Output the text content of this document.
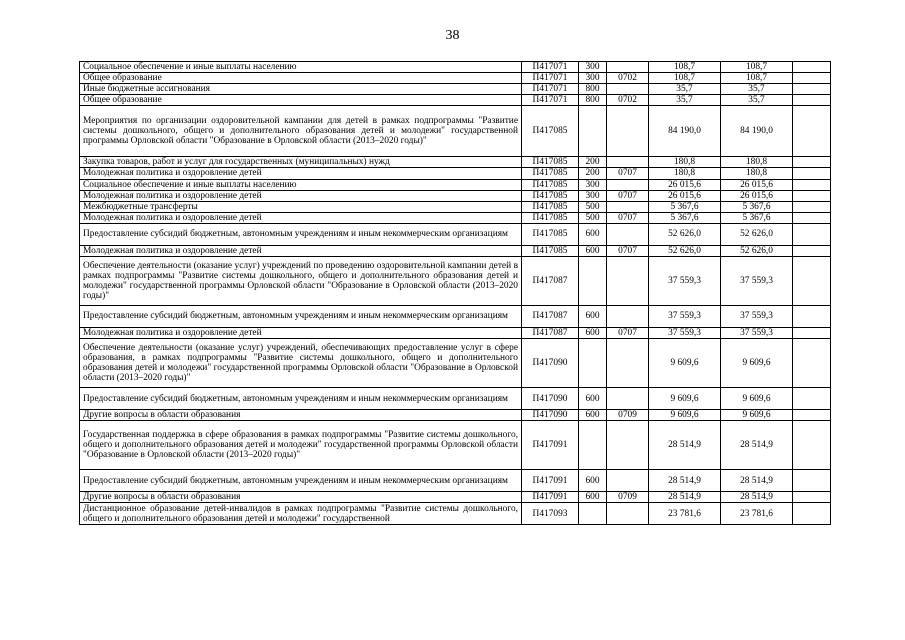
38
Социальное обеспечение и иные выплаты населению	П417071	300		108,7	108,7	
Общее образование	П417071	300	0702	108,7	108,7	
Иные бюджетные ассигнования	П417071	800		35,7	35,7	
Общее образование	П417071	800	0702	35,7	35,7	
Мероприятия по организации оздоровительной кампании для детей в рамках подпрограммы "Развитие системы дошкольного, общего и дополнительного образования детей и молодежи" государственной программы Орловской области "Образование в Орловской области (2013–2020 годы)"	П417085			84 190,0	84 190,0	
Закупка товаров, работ и услуг для государственных (муниципальных) нужд	П417085	200		180,8	180,8	
Молодежная политика и оздоровление детей	П417085	200	0707	180,8	180,8	
Социальное обеспечение и иные выплаты населению	П417085	300		26 015,6	26 015,6	
Молодежная политика и оздоровление детей	П417085	300	0707	26 015,6	26 015,6	
Межбюджетные трансферты	П417085	500		5 367,6	5 367,6	
Молодежная политика и оздоровление детей	П417085	500	0707	5 367,6	5 367,6	
Предоставление субсидий бюджетным, автономным учреждениям и иным некоммерческим организациям	П417085	600		52 626,0	52 626,0	
Молодежная политика и оздоровление детей	П417085	600	0707	52 626,0	52 626,0	
Обеспечение деятельности (оказание услуг) учреждений по проведению оздоровительной кампании детей в рамках подпрограммы "Развитие системы дошкольного, общего и дополнительного образования детей и молодежи" государственной программы Орловской области "Образование в Орловской области (2013–2020 годы)"	П417087			37 559,3	37 559,3	
Предоставление субсидий бюджетным, автономным учреждениям и иным некоммерческим организациям	П417087	600		37 559,3	37 559,3	
Молодежная политика и оздоровление детей	П417087	600	0707	37 559,3	37 559,3	
Обеспечение деятельности (оказание услуг) учреждений, обеспечивающих предоставление услуг в сфере образования, в рамках подпрограммы "Развитие системы дошкольного, общего и дополнительного образования детей и молодежи" государственной программы Орловской области "Образование в Орловской области (2013–2020 годы)"	П417090			9 609,6	9 609,6	
Предоставление субсидий бюджетным, автономным учреждениям и иным некоммерческим организациям	П417090	600		9 609,6	9 609,6	
Другие вопросы в области образования	П417090	600	0709	9 609,6	9 609,6	
Государственная поддержка в сфере образования в рамках подпрограммы "Развитие системы дошкольного, общего и дополнительного образования детей и молодежи" государственной программы Орловской области "Образование в Орловской области (2013–2020 годы)"	П417091			28 514,9	28 514,9	
Предоставление субсидий бюджетным, автономным учреждениям и иным некоммерческим организациям	П417091	600		28 514,9	28 514,9	
Другие вопросы в области образования	П417091	600	0709	28 514,9	28 514,9	
Дистанционное образование детей-инвалидов в рамках подпрограммы "Развитие системы дошкольного, общего и дополнительного образования детей и молодежи" государственной	П417093			23 781,6	23 781,6	
